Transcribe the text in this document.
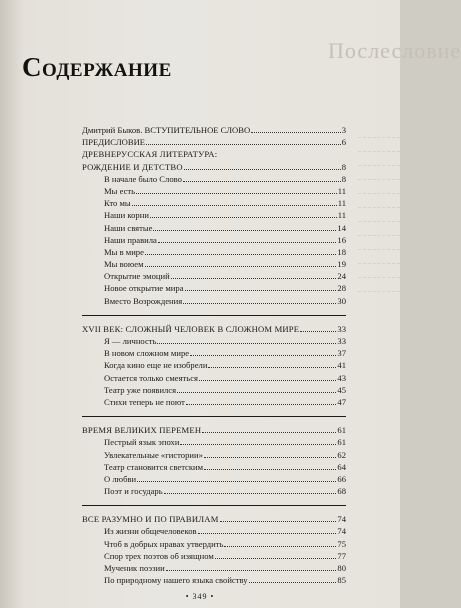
Послесловие
Содержание
Дмитрий Быков. ВСТУПИТЕЛЬНОЕ СЛОВО	3
ПРЕДИСЛОВИЕ	6
ДРЕВНЕРУССКАЯ ЛИТЕРАТУРА:
РОЖДЕНИЕ И ДЕТСТВО	8
В начале было Слово	8
Мы есть	11
Кто мы	11
Наши корни	11
Наши святые	14
Наши правила	16
Мы в мире	18
Мы воюем	19
Открытие эмоций	24
Новое открытие мира	28
Вместо Возрождения	30
XVII ВЕК: СЛОЖНЫЙ ЧЕЛОВЕК В СЛОЖНОМ МИРЕ	33
Я — личность	33
В новом сложном мире	37
Когда кино еще не изобрели	41
Остается только смеяться	43
Театр уже появился	45
Стихи теперь не поют	47
ВРЕМЯ ВЕЛИКИХ ПЕРЕМЕН	61
Пестрый язык эпохи	61
Увлекательные «гистории»	62
Театр становится светским	64
О любви	66
Поэт и государь	68
ВСЕ РАЗУМНО И ПО ПРАВИЛАМ	74
Из жизни общечеловеков	74
Чтоб в добрых нравах утвердить	75
Спор трех поэтов об изящном	77
Мученик поэзии	80
По природному нашего языка свойству	85
• 349 •
